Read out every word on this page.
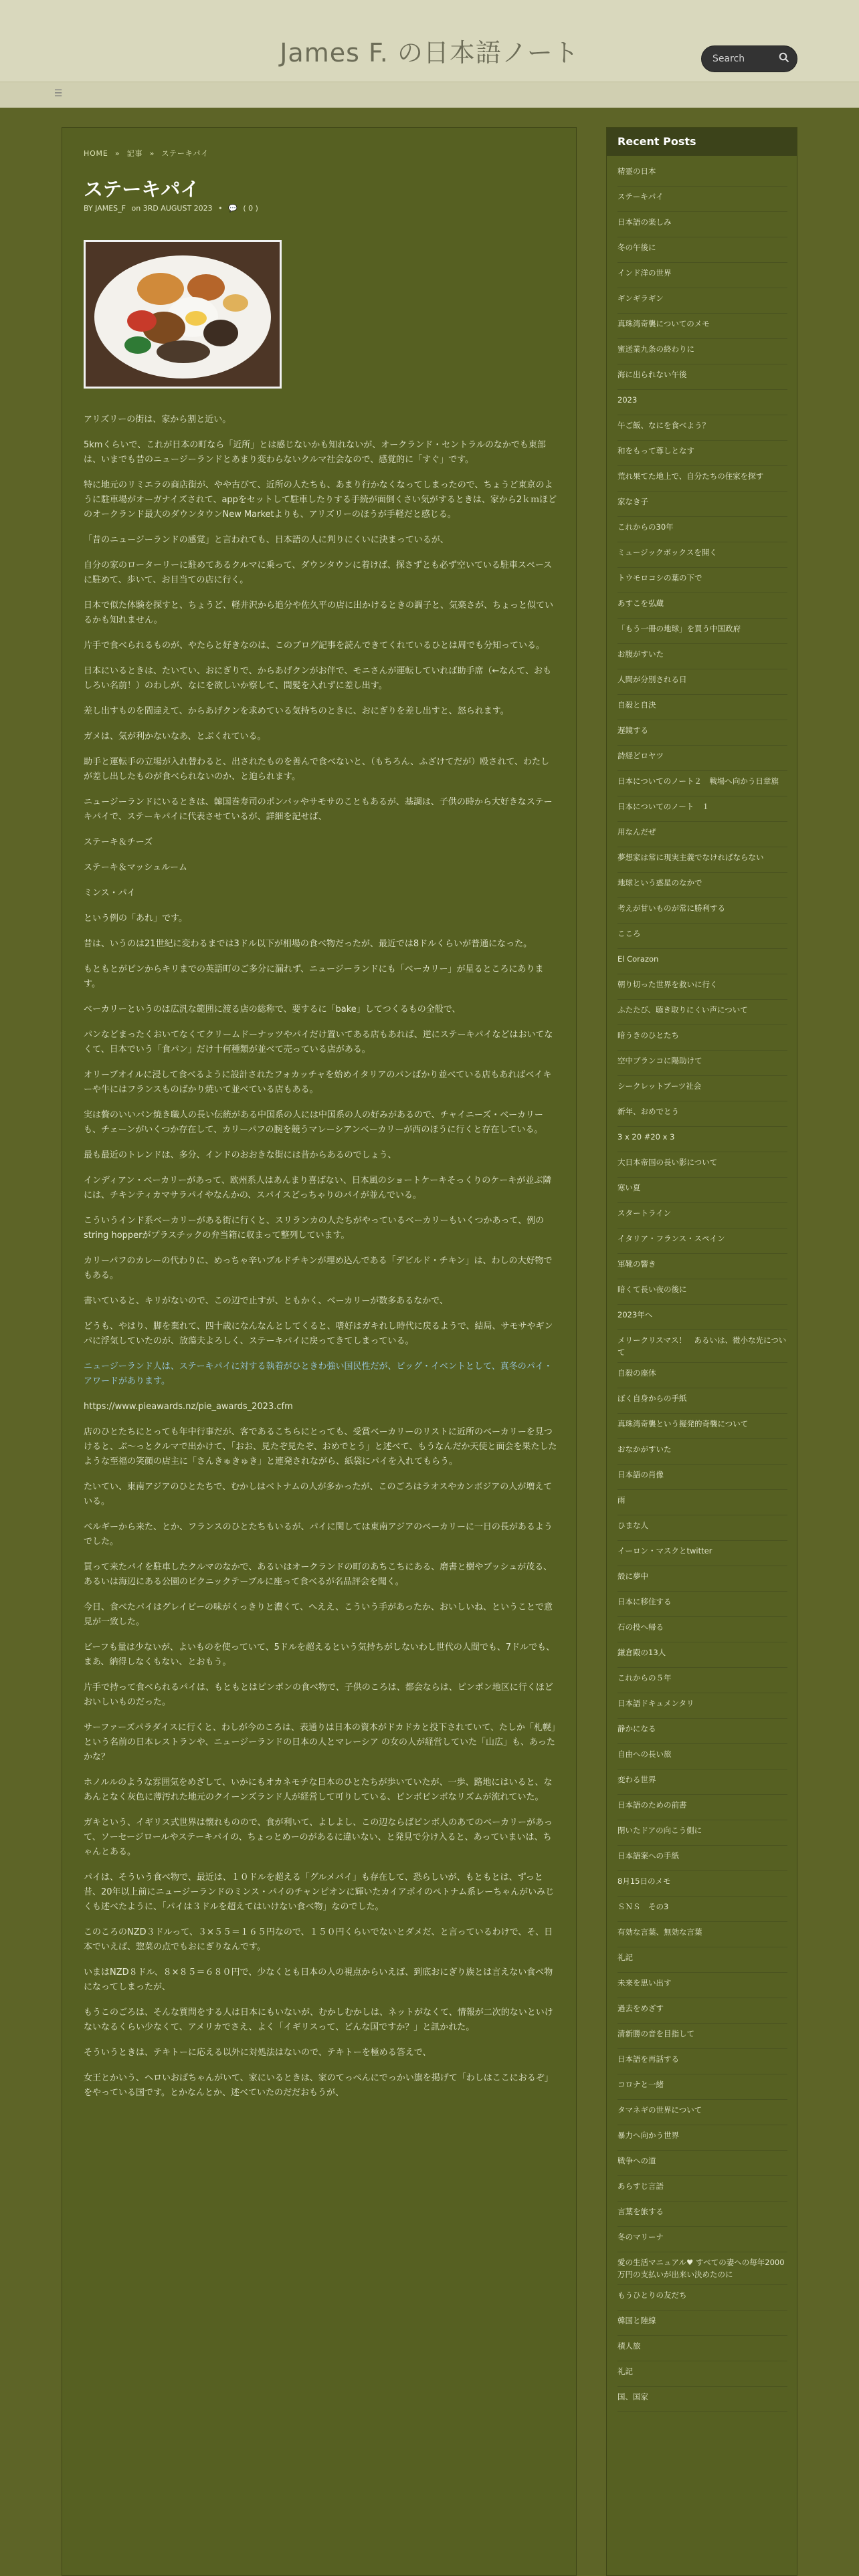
James F. の日本語ノート	Search
☰
HOME » 記事 » ステーキパイ
ステーキパイ
BY JAMES_F on 3RD AUGUST 2023 • 💬 ( 0 )

アリズリーの街は、家から割と近い。

5kmくらいで、これが日本の町なら「近所」とは感じないかも知れないが、オークランド・セントラルのなかでも東部は、いまでも昔のニュージーランドとあまり変わらないクルマ社会なので、感覚的に「すぐ」です。

特に地元のリミエラの商店街が、やや古びて、近所の人たちも、あまり行かなくなってしまったので、ちょうど東京のように駐車場がオーガナイズされて、appをセットして駐車したりする手続が面倒くさい気がするときは、家から2ｋｍほどのオークランド最大のダウンタウンNew Marketよりも、アリズリーのほうが手軽だと感じる。

「昔のニュージーランドの感覚」と言われても、日本語の人に判りにくいに決まっているが、

自分の家のローターリーに駐めてあるクルマに乗って、ダウンタウンに着けば、探さずとも必ず空いている駐車スペースに駐めて、歩いて、お目当ての店に行く。

日本で似た体験を探すと、ちょうど、軽井沢から追分や佐久平の店に出かけるときの調子と、気楽さが、ちょっと似ているかも知れません。

片手で食べられるものが、やたらと好きなのは、このブログ記事を読んできてくれているひとは周でも分知っている。

日本にいるときは、たいてい、おにぎりで、からあげクンがお伴で、モニさんが運転していれば助手席（←なんて、おもしろい名前！）のわしが、なにを欲しいか察して、間髪を入れずに差し出す。

差し出すものを間違えて、からあげクンを求めている気持ちのときに、おにぎりを差し出すと、怒られます。

ガメは、気が利かないなあ、とぶくれている。

助手と運転手の立場が入れ替わると、出されたものを善んで食べないと、（もちろん、ふざけてだが）殴されて、わたしが差し出したものが食べられないのか、と迫られます。

ニュージーランドにいるときは、韓国巻寿司のポンパッやサモサのこともあるが、基調は、子供の時から大好きなステーキパイで、ステーキパイに代表させているが、詳細を記せば、

ステーキ＆チーズ

ステーキ＆マッシュルーム

ミンス・パイ

という例の「あれ」です。

昔は、いうのは21世紀に変わるまでは3ドル以下が相場の食べ物だったが、最近では8ドルくらいが普通になった。

もともとがピンからキリまでの英語町のご多分に漏れず、ニュージーランドにも「ベーカリー」が星るところにあります。

ベーカリーというのは広汎な範囲に渡る店の総称で、要するに「bake」してつくるもの全般で、

パンなどまったくおいてなくてクリームドーナッツやパイだけ置いてある店もあれば、逆にステーキパイなどはおいてなくて、日本でいう「食パン」だけ十何種類が並べて売っている店がある。

オリーブオイルに浸して食べるように設計されたフォカッチャを始めイタリアのパンばかり並べている店もあればベイキーや牛にはフランスものばかり焼いて並べている店もある。

実は贅のいいパン焼き職人の長い伝統がある中国系の人には中国系の人の好みがあるので、チャイニーズ・ベーカリーも、チェーンがいくつか存在して、カリーパフの腕を競うマレーシアンベーカリーが西のほうに行くと存在している。

最も最近のトレンドは、多分、インドのおおきな街には昔からあるのでしょう、

インディアン・ベーカリーがあって、欧州系人はあんまり喜ばない、日本風のショートケーキそっくりのケーキが並ぶ隣には、チキンティカマサラパイやなんかの、スパイスどっちゃりのパイが並んでいる。

こういうインド系ベーカリーがある街に行くと、スリランカの人たちがやっているベーカリーもいくつかあって、例のstring hopperがプラスチックの弁当箱に収まって整列しています。

カリーパフのカレーの代わりに、めっちゃ辛いブルドチキンが埋め込んである「デビルド・チキン」は、わしの大好物でもある。

書いていると、キリがないので、この辺で止すが、ともかく、ベーカリーが数多あるなかで、

どうも、やはり、脚を棄れて、四十歳になんなんとしてくると、嗜好はガキれし時代に戻るようで、結局、サモサやギンパに浮気していたのが、放蕩夫よろしく、ステーキパイに戻ってきてしまっている。

ニュージーランド人は、ステーキパイに対する執着がひときわ強い国民性だが、ビッグ・イベントとして、真冬のパイ・アワードがあります。

https://www.pieawards.nz/pie_awards_2023.cfm

店のひとたちにとっても年中行事だが、客であるこちらにとっても、受賞ベーカリーのリストに近所のベーカリーを見つけると、ぶ～っとクルマで出かけて、「おお、見たぞ見たぞ、おめでとう」と述べて、もうなんだか天使と面会を果たしたような至福の笑顔の店主に「さんきゅきゅき」と連発されながら、紙袋にパイを入れてもらう。

たいてい、東南アジアのひとたちで、むかしはベトナムの人が多かったが、このごろはラオスやカンボジアの人が増えている。

ベルギーから来た、とか、フランスのひとたちもいるが、パイに関しては東南アジアのベーカリーに一日の長があるようでした。

買って来たパイを駐車したクルマのなかで、あるいはオークランドの町のあちこちにある、磨書と樹やブッシュが茂る、あるいは海辺にある公園のピクニックテーブルに座って食べるが名品評会を聞く。

今日、食べたパイはグレイビーの味がくっきりと濃くて、へええ、こういう手があったか、おいしいね、ということで意見が一致した。

ビーフも量は少ないが、よいものを使っていて、5ドルを超えるという気持ちがしないわし世代の人間でも、7ドルでも、まあ、納得しなくもない、とおもう。

片手で持って食べられるパイは、もともとはピンポンの食べ物で、子供のころは、都会ならは、ピンポン地区に行くほどおいしいものだった。

サーファーズパラダイスに行くと、わしが今のころは、表通りは日本の資本がドカドカと投下されていて、たしか「札幌」という名前の日本レストランや、ニュージーランドの日本の人とマレーシア の女の人が経営していた「山広」も、あったかな？

ホノルルのような雰囲気をめざして、いかにもオカネモチな日本のひとたちが歩いていたが、一歩、路地にはいると、なあんとなく灰色に薄汚れた地元のクイーンズランド人が経営して可りしている、ピンボピンボなリズムが流れていた。

ガキという、イギリス式世界は懐れものので、食が利いて、よしよし、この辺ならばピンボ人のあてのベーカリーがあって、ソーセージロールやステーキパイの、ちょっとめーのがあるに違いない、と発見で分け入ると、あっていまいは、ちゃんとある。

パイは、そういう食べ物で、最近は、１０ドルを超える「グルメパイ」も存在して、恐らしいが、もともとは、ずっと昔、20年以上前にニュージーランドのミンス・パイのチャンピオンに輝いたカイアポイのペトナム系レーちゃんがいみじくも述べたように、「パイは３ドルを超えてはいけない食べ物」なのでした。

このころのNZD３ドルって、３×５５＝１６５円なので、１５０円くらいでないとダメだ、と言っているわけで、そ、日本でいえば、惣菜の点でもおにぎりなんです。

いまはNZD８ドル、８×８５＝６８０円で、少なくとも日本の人の視点からいえば、到底おにぎり族とは言えない食べ物になってしまったが、

もうこのごろは、そんな質問をする人は日本にもいないが、むかしむかしは、ネットがなくて、情報が二次的ないといけないなるくらい少なくて、アメリカでさえ、よく「イギリスって、どんな国ですか？」と訊かれた。

そういうときは、テキトーに応える以外に対処法はないので、テキトーを極める答えで、

女王とかいう、ヘロいおばちゃんがいて、家にいるときは、家のてっぺんにでっかい旗を掲げて「わしはここにおるぞ」をやっている国です。とかなんとか、述べていたのだだおもうが、

Recent Posts
精霊の日本
ステーキパイ
日本語の楽しみ
冬の午後に
インド洋の世界
ギンギラギン
真珠湾奇襲についてのメモ
蜜送業九条の終わりに
海に出られない午後
2023
午ご飯、なにを食べよう？
和をもって尊しとなす
荒れ果てた地上で、自分たちの住家を探す
家なき子
これからの30年
ミュージックボックスを開く
トウモロコシの葉の下で
あすこを弘蔵
「もう一冊の地球」を買う中国政府
お腹がすいた
人間が分別される日
自殺と自決
遅鏡する
詩経どロヤツ
日本についてのノート２　戦場へ向かう日章旗
日本についてのノート　１
用なんだぜ
夢想家は常に現実主義でなければならない
地球という惑星のなかで
考えが甘いものが常に勝利する
こころ
El Corazon
朝り切った世界を救いに行く
ふたたび、聴き取りにくい声について
暗うきのひとたち
空中ブランコに陽助けて
シークレットブーツ社会
新年、おめでとう
3 x 20 #20 x 3
大日本帝国の長い影について
寒い夏
スタートライン
イタリア・フランス・スペイン
軍靴の響き
暗くて長い夜の後に
2023年へ
メリークリスマス！　あるいは、微小な光について
自殺の座休
ぼく自身からの手紙
真珠湾奇襲という擬発的奇襲について
おなかがすいた
日本語の肖像
雨
ひまな人
イーロン・マスクとtwitter
殻に夢中
日本に移住する
石の投へ帰る
鎌倉殿の13人
これからの５年
日本語ドキュメンタリ
静かになる
自由への長い旅
変わる世界
日本語のための前書
閉いたドアの向こう側に
日本語案への手紙
8月15日のメモ
ＳＮＳ　その3
有効な言葉、無効な言葉
礼記
未来を思い出す
過去をめざす
清新勝の音を目指して
日本語を再話する
コロナと一緒
タマネギの世界について
暴力へ向かう世界
戦争への道
あらすじ言語
言葉を旅する
冬のマリーナ
愛の生活マニュアル♥ すべての妻への毎年2000万円の支払いが出来い決めたのに
もうひとりの友だち
韓国と陸線
積人旅
礼記
国、国家
